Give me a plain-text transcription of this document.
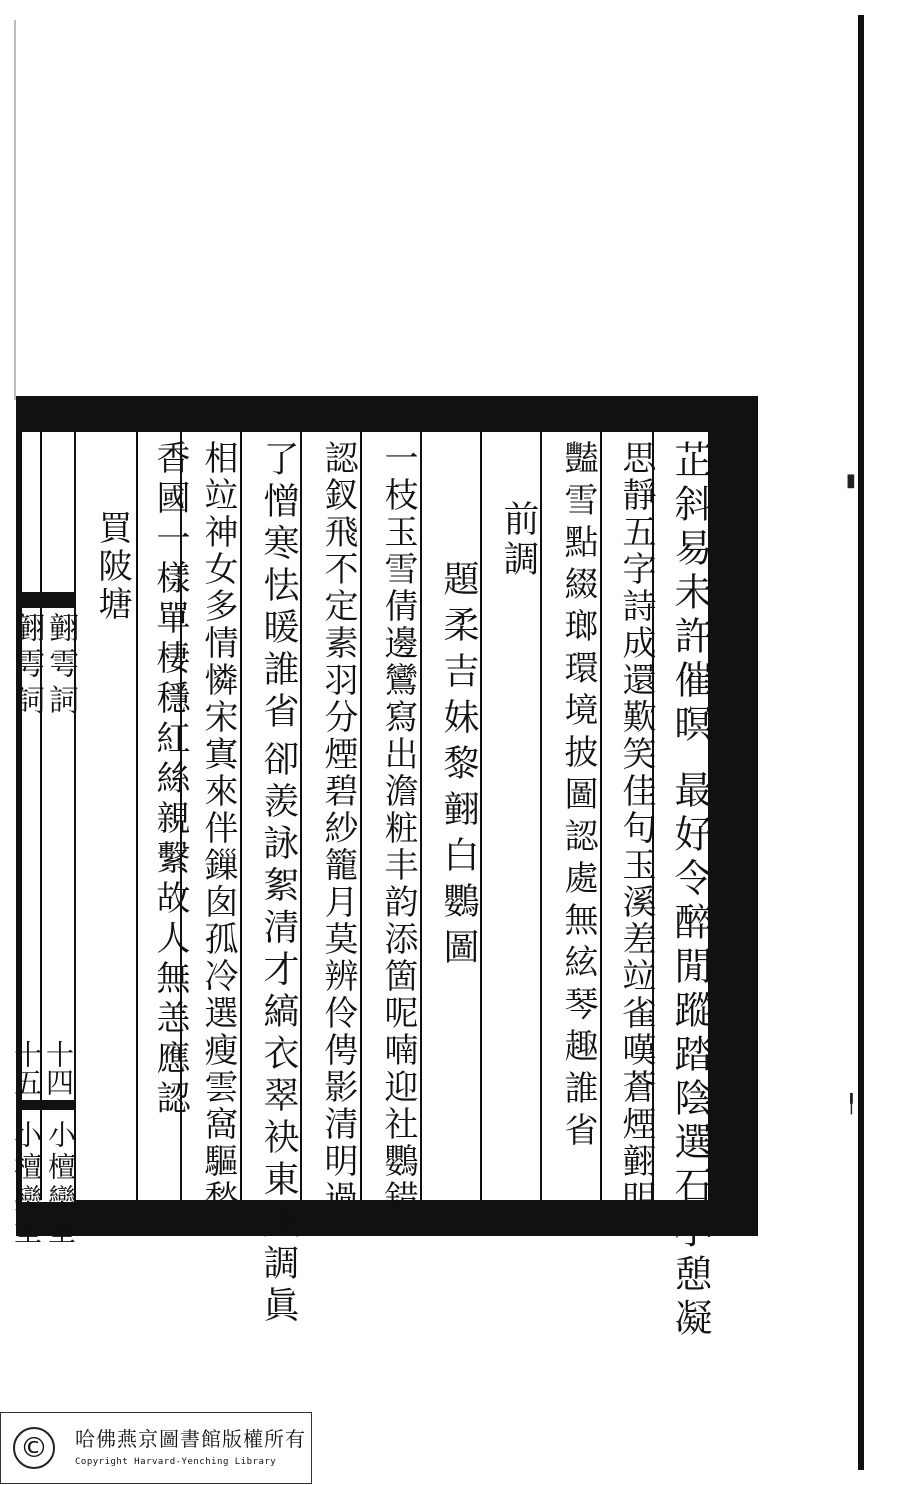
芷斜易未許催暝
最好令醉閒蹤踏陰選石小憩凝
思靜五字詩成還歎笑佳句玉溪差竝雀嘆蒼煙𦒍明
豔雪點綴瑯環境披圖認處無絃琴趣誰省
前調
題柔吉妹黎𦒍白鸚圖
一枝玉雪倩邊鸞寫出澹粧丰韵添箇呢喃迎社鸚錯
認釵飛不定素羽分煙碧紗籠月莫辨伶俜影清明過
了憎寒怯暖誰省
卻羨詠絮清才縞衣翠袂東風調眞
相竝神女多情憐宋寘來伴鏁囱孤冷選瘦雲窩驅愁
香國一樣單棲穩紅絲親繫故人無恙應認
買陂塘
𦒍雩詞
𦒍雩詞
十四
十五
小檀欒室
小檀欒室
▮
╿
©	哈佛燕京圖書館版權所有
Copyright Harvard-Yenching Library
